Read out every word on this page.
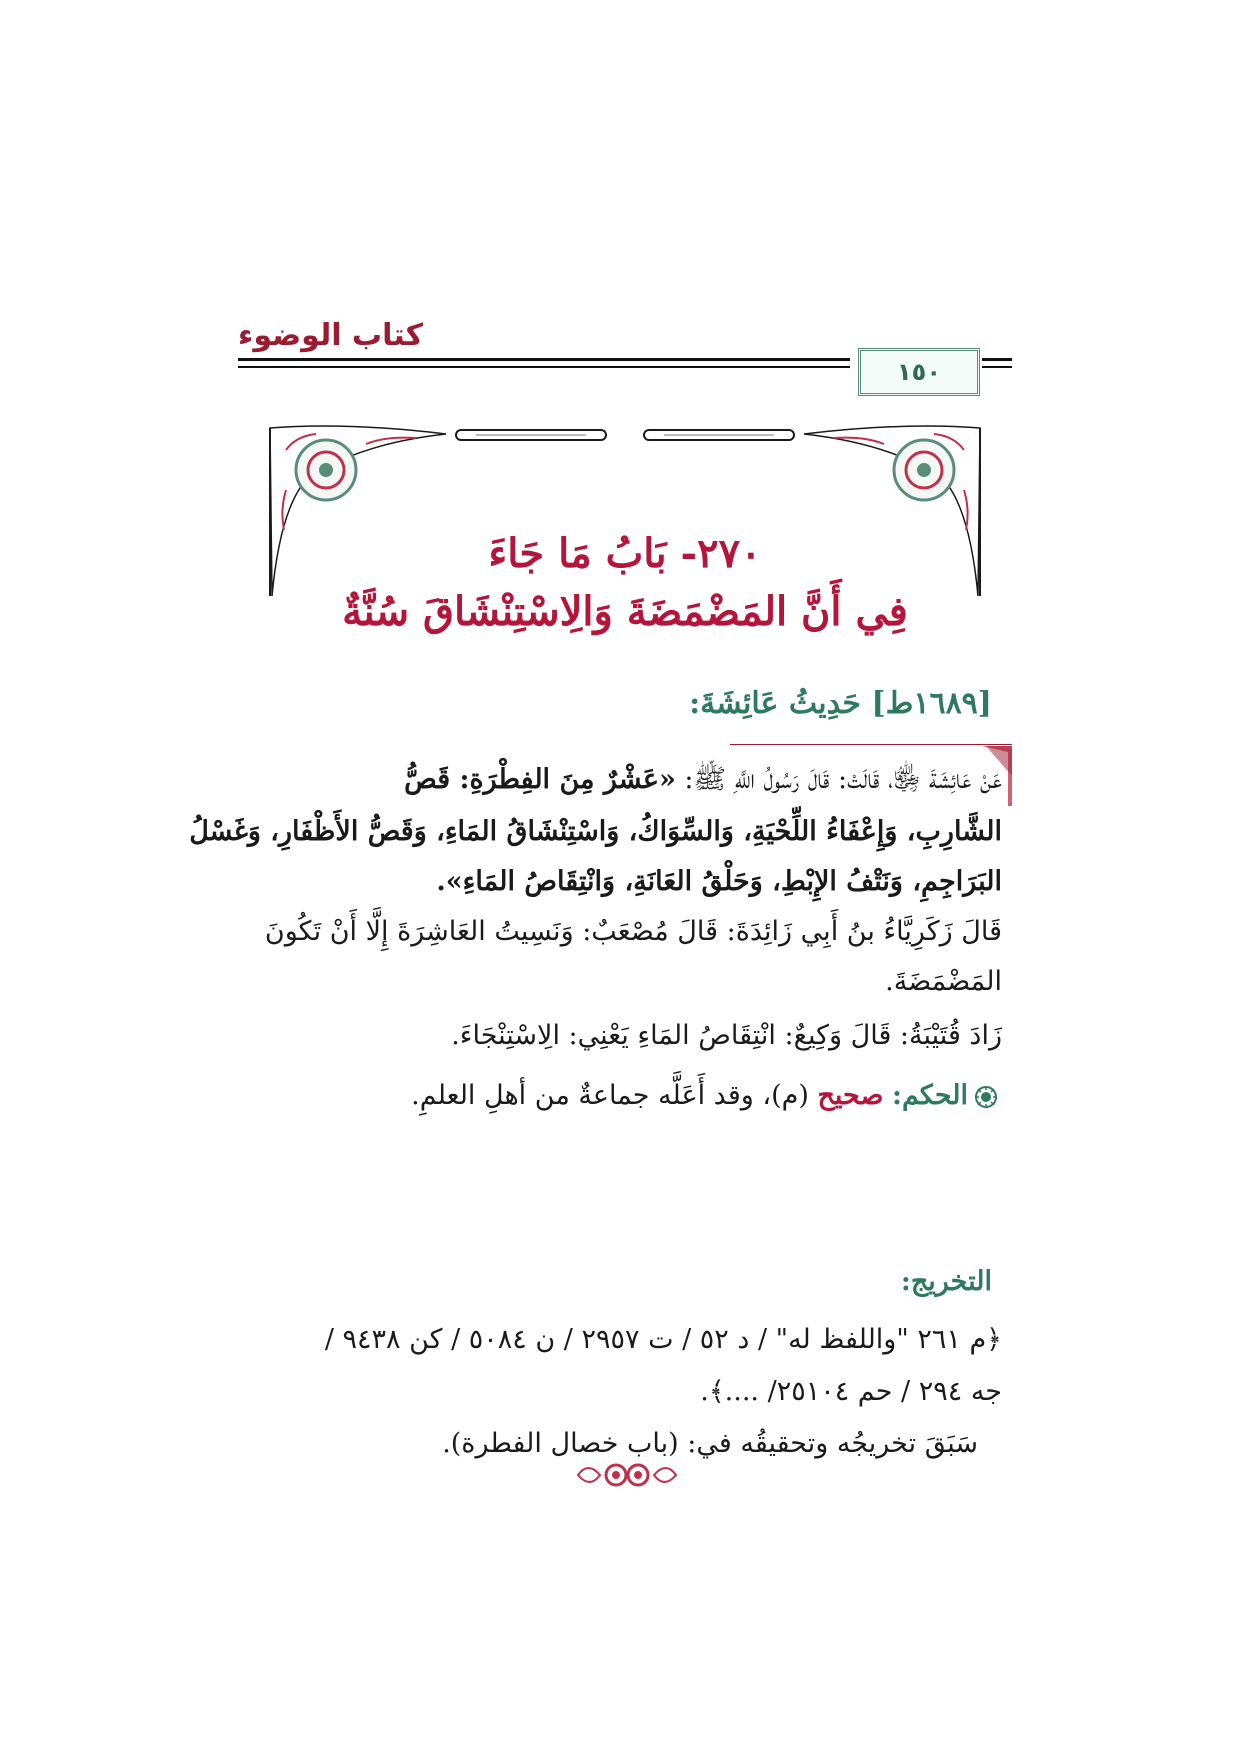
كتاب الوضوء
١٥٠
٢٧٠- بَابُ مَا جَاءَ
فِي أَنَّ المَضْمَضَةَ وَالِاسْتِنْشَاقَ سُنَّةٌ
[١٦٨٩ط] حَدِيثُ عَائِشَةَ:
عَنْ عَائِشَةَ ﵂، قَالَتْ: قَالَ رَسُولُ اللَّهِ ﷺ: «عَشْرٌ مِنَ الفِطْرَةِ: قَصُّ
الشَّارِبِ، وَإِعْفَاءُ اللِّحْيَةِ، وَالسِّوَاكُ، وَاسْتِنْشَاقُ المَاءِ، وَقَصُّ الأَظْفَارِ، وَغَسْلُ
البَرَاجِمِ، وَنَتْفُ الإِبْطِ، وَحَلْقُ العَانَةِ، وَانْتِقَاصُ المَاءِ».
قَالَ زَكَرِيَّاءُ بنُ أَبِي زَائِدَةَ: قَالَ مُصْعَبٌ: وَنَسِيتُ العَاشِرَةَ إِلَّا أَنْ تَكُونَ
المَضْمَضَةَ.
زَادَ قُتَيْبَةُ: قَالَ وَكِيعٌ: انْتِقَاصُ المَاءِ يَعْنِي: الِاسْتِنْجَاءَ.
الحكم: صحيح (م)، وقد أَعَلَّه جماعةٌ من أهلِ العلمِ.
التخريج:
﴿م ٢٦١ "واللفظ له" / د ٥٢ / ت ٢٩٥٧ / ن ٥٠٨٤ / كن ٩٤٣٨ /
جه ٢٩٤ / حم ٢٥١٠٤/ ....﴾.
سَبَقَ تخريجُه وتحقيقُه في: (باب خصال الفطرة).
